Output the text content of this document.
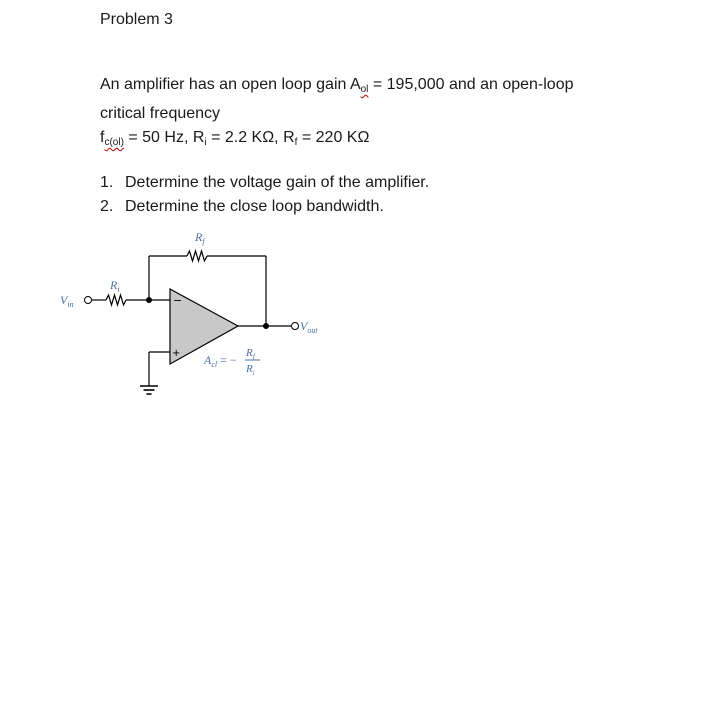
Problem 3
An amplifier has an open loop gain $A_{ol} = 195,000$ and an open-loop
critical frequency
$f_{c(ol)} = 50$ Hz, $R_i = 2.2$ KΩ, $R_f = 220$ KΩ
1. Determine the voltage gain of the amplifier.
2. Determine the close loop bandwidth.
−
+
$R_f$
$R_i$
$V_{in}$
$V_{out}$
$A_{cl}$ = − $R_f$
$R_i$
